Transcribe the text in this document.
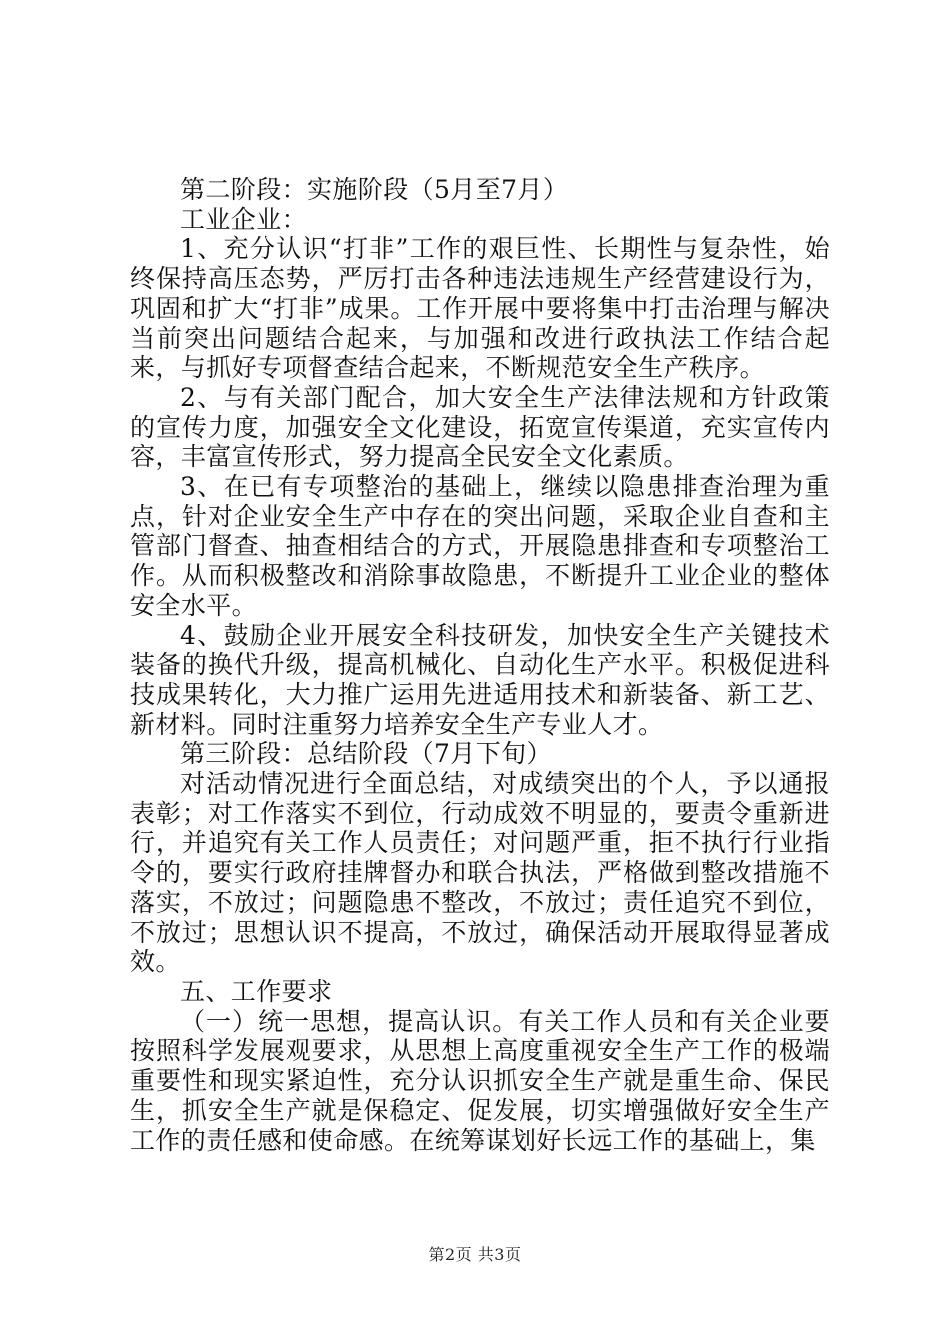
第二阶段：实施阶段（5月至7月）

工业企业：

1、充分认识“打非”工作的艰巨性、长期性与复杂性，始终保持高压态势，严厉打击各种违法违规生产经营建设行为，巩固和扩大“打非”成果。工作开展中要将集中打击治理与解决当前突出问题结合起来，与加强和改进行政执法工作结合起来，与抓好专项督查结合起来，不断规范安全生产秩序。

2、与有关部门配合，加大安全生产法律法规和方针政策的宣传力度，加强安全文化建设，拓宽宣传渠道，充实宣传内容，丰富宣传形式，努力提高全民安全文化素质。

3、在已有专项整治的基础上，继续以隐患排查治理为重点，针对企业安全生产中存在的突出问题，采取企业自查和主管部门督查、抽查相结合的方式，开展隐患排查和专项整治工作。从而积极整改和消除事故隐患，不断提升工业企业的整体安全水平。

4、鼓励企业开展安全科技研发，加快安全生产关键技术装备的换代升级，提高机械化、自动化生产水平。积极促进科技成果转化，大力推广运用先进适用技术和新装备、新工艺、新材料。同时注重努力培养安全生产专业人才。

第三阶段：总结阶段（7月下旬）

对活动情况进行全面总结，对成绩突出的个人，予以通报表彰；对工作落实不到位，行动成效不明显的，要责令重新进行，并追究有关工作人员责任；对问题严重，拒不执行行业指令的，要实行政府挂牌督办和联合执法，严格做到整改措施不落实，不放过；问题隐患不整改，不放过；责任追究不到位，不放过；思想认识不提高，不放过，确保活动开展取得显著成效。

五、工作要求

（一）统一思想，提高认识。有关工作人员和有关企业要按照科学发展观要求，从思想上高度重视安全生产工作的极端重要性和现实紧迫性，充分认识抓安全生产就是重生命、保民生，抓安全生产就是保稳定、促发展，切实增强做好安全生产工作的责任感和使命感。在统筹谋划好长远工作的基础上，集

第2页 共3页
